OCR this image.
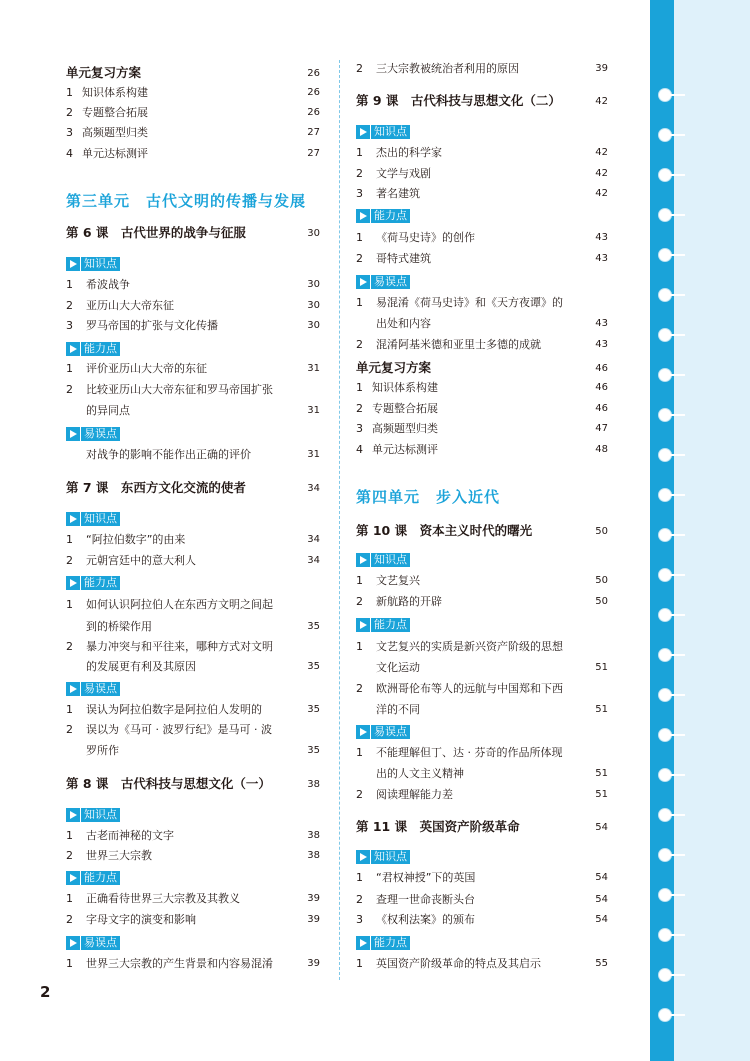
单元复习方案	26
1 知识体系构建	26
2 专题整合拓展	26
3 高频题型归类	27
4 单元达标测评	27
第三单元　古代文明的传播与发展
第 6 课　古代世界的战争与征服	30
知识点
1	希波战争	30
2	亚历山大大帝东征	30
3	罗马帝国的扩张与文化传播	30
能力点
1	评价亚历山大大帝的东征	31
2	比较亚历山大大帝东征和罗马帝国扩张
的异同点	31
易误点
对战争的影响不能作出正确的评价	31
第 7 课　东西方文化交流的使者	34
知识点
1	“阿拉伯数字”的由来	34
2	元朝宫廷中的意大利人	34
能力点
1	如何认识阿拉伯人在东西方文明之间起
到的桥梁作用	35
2	暴力冲突与和平往来，哪种方式对文明
的发展更有利及其原因	35
易误点
1	误认为阿拉伯数字是阿拉伯人发明的	35
2	误以为《马可 · 波罗行纪》是马可 · 波
罗所作	35
第 8 课　古代科技与思想文化（一）	38
知识点
1	古老而神秘的文字	38
2	世界三大宗教	38
能力点
1	正确看待世界三大宗教及其教义	39
2	字母文字的演变和影响	39
易误点
1	世界三大宗教的产生背景和内容易混淆	39
2	三大宗教被统治者利用的原因	39
第 9 课　古代科技与思想文化（二）	42
知识点
1	杰出的科学家	42
2	文学与戏剧	42
3	著名建筑	42
能力点
1	《荷马史诗》的创作	43
2	哥特式建筑	43
易误点
1	易混淆《荷马史诗》和《天方夜谭》的
出处和内容	43
2	混淆阿基米德和亚里士多德的成就	43
单元复习方案	46
1 知识体系构建	46
2 专题整合拓展	46
3 高频题型归类	47
4 单元达标测评	48
第四单元　步入近代
第 10 课　资本主义时代的曙光	50
知识点
1	文艺复兴	50
2	新航路的开辟	50
能力点
1	文艺复兴的实质是新兴资产阶级的思想
文化运动	51
2	欧洲哥伦布等人的远航与中国郑和下西
洋的不同	51
易误点
1	不能理解但丁、达 · 芬奇的作品所体现
出的人文主义精神	51
2	阅读理解能力差	51
第 11 课　英国资产阶级革命	54
知识点
1	“君权神授”下的英国	54
2	查理一世命丧断头台	54
3	《权利法案》的颁布	54
能力点
1	英国资产阶级革命的特点及其启示	55
2
